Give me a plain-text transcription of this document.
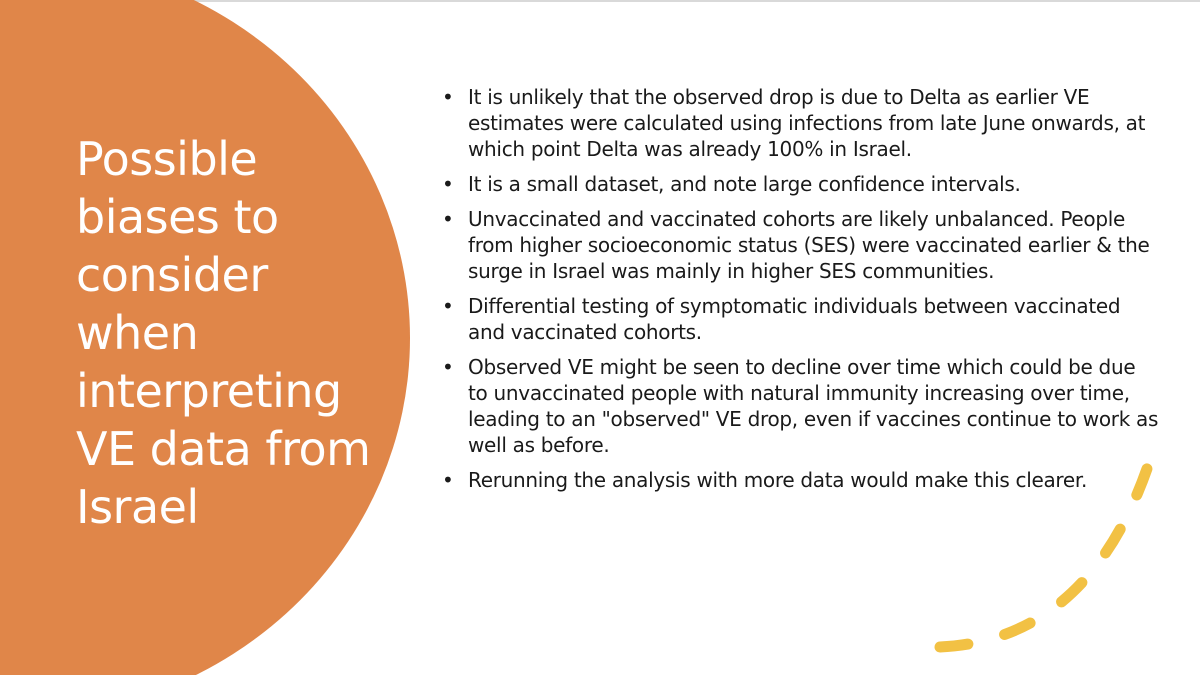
Possible biases to consider when interpreting VE data from Israel
• It is unlikely that the observed drop is due to Delta as earlier VE estimates were calculated using infections from late June onwards, at which point Delta was already 100% in Israel.
• It is a small dataset, and note large confidence intervals.
• Unvaccinated and vaccinated cohorts are likely unbalanced. People from higher socioeconomic status (SES) were vaccinated earlier & the surge in Israel was mainly in higher SES communities.
• Differential testing of symptomatic individuals between vaccinated and vaccinated cohorts.
• Observed VE might be seen to decline over time which could be due to unvaccinated people with natural immunity increasing over time, leading to an "observed" VE drop, even if vaccines continue to work as well as before.
• Rerunning the analysis with more data would make this clearer.
